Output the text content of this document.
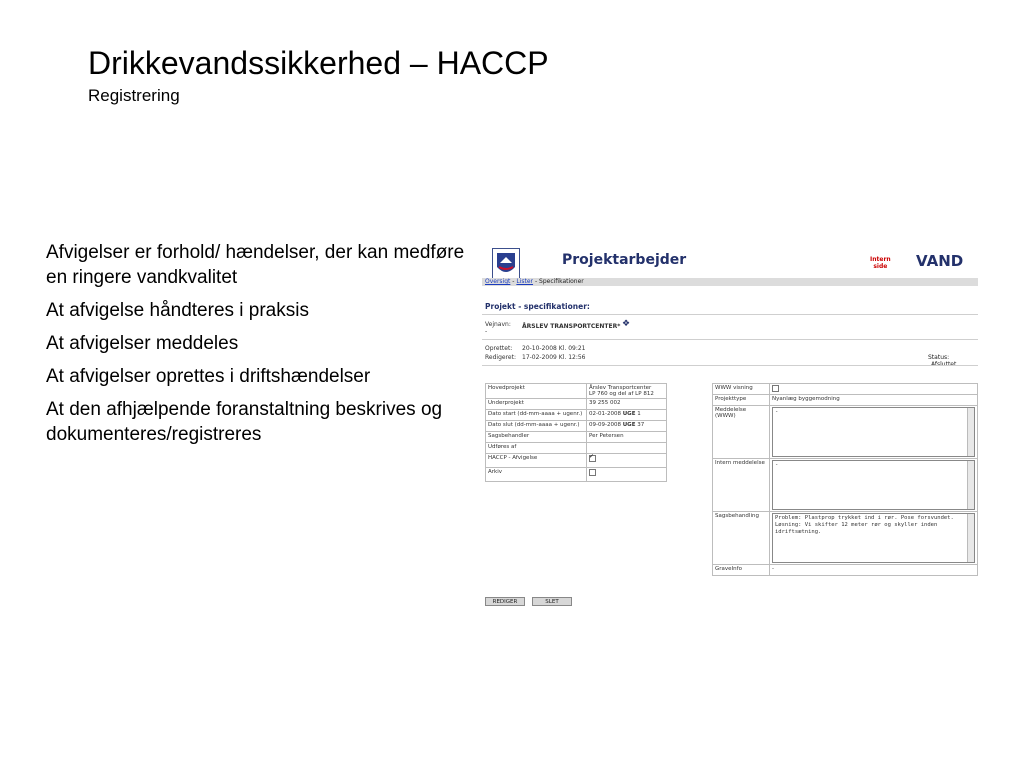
Drikkevandssikkerhed – HACCP
Registrering

Afvigelser er forhold/ hændelser, der kan medføre en ringere vandkvalitet

At afvigelse håndteres i praksis

At afvigelser meddeles

At afvigelser oprettes i driftshændelser

At den afhjælpende foranstaltning beskrives og dokumenteres/registreres

Projektarbejder	Intern
side VAND
Oversigt - Lister - Specifikationer
Projekt - specifikationer:
Vejnavn: ÅRSLEV TRANSPORTCENTER* ❖
-
Oprettet: 20-10-2008 Kl. 09:21
Redigeret: 17-02-2009 Kl. 12:56	Status:
Hovedprojekt	Årslev Transportcenter
LP 760 og del af LP 812

Underprojekt	39 255 002
Dato start (dd-mm-aaaa + ugenr.)	02-01-2008 UGE 1
Dato slut (dd-mm-aaaa + ugenr.)	09-09-2008 UGE 37
Sagsbehandler	Per Petersen
Udføres af	
HACCP - Afvigelse	✓
Arkiv	
WWW visning	
Projekttype	Nyanlæg byggemodning
Meddelelse (WWW)	-

Intern meddelelse	-

Sagsbehandling	Problem: Plastprop trykket ind i rør. Pose forsvundet.
Løsning: Vi skifter 12 meter rør og skyller inden idriftsætning.

GraveInfo	-
REDIGER	SLET
